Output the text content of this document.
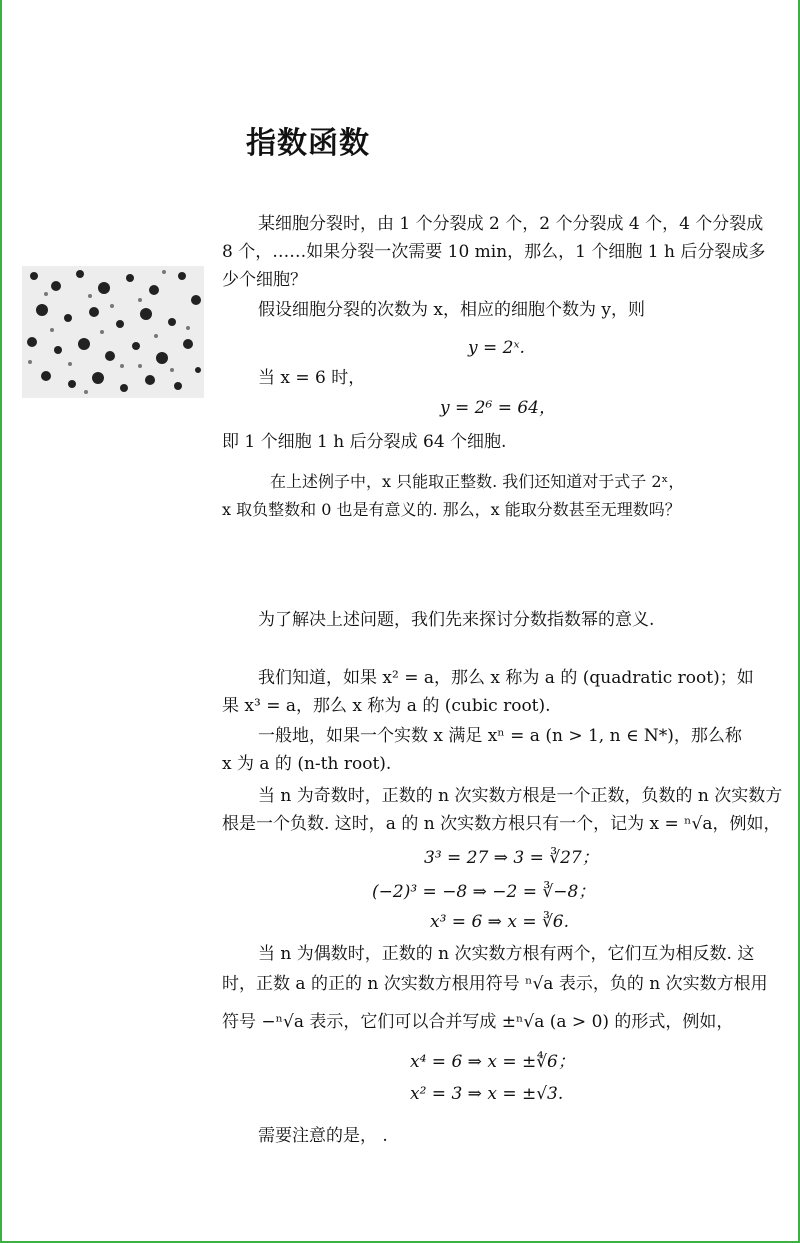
指数函数
某细胞分裂时，由 1 个分裂成 2 个，2 个分裂成 4 个，4 个分裂成
8 个，……如果分裂一次需要 10 min，那么，1 个细胞 1 h 后分裂成多
少个细胞？
假设细胞分裂的次数为 x，相应的细胞个数为 y，则
y = 2ˣ.
当 x = 6 时，
y = 2⁶ = 64，
即 1 个细胞 1 h 后分裂成 64 个细胞.
在上述例子中，x 只能取正整数. 我们还知道对于式子 2ˣ，
x 取负整数和 0 也是有意义的. 那么，x 能取分数甚至无理数吗？
为了解决上述问题，我们先来探讨分数指数幂的意义.
我们知道，如果 x² = a，那么 x 称为 a 的 (quadratic root)；如
果 x³ = a，那么 x 称为 a 的 (cubic root).
一般地，如果一个实数 x 满足 xⁿ = a (n > 1, n ∈ N*)，那么称
x 为 a 的 (n-th root).
当 n 为奇数时，正数的 n 次实数方根是一个正数，负数的 n 次实数方
根是一个负数. 这时，a 的 n 次实数方根只有一个，记为 x = ⁿ√a，例如，
3³ = 27 ⇒ 3 = ∛27；
(−2)³ = −8 ⇒ −2 = ∛−8；
x³ = 6 ⇒ x = ∛6.
当 n 为偶数时，正数的 n 次实数方根有两个，它们互为相反数. 这
时，正数 a 的正的 n 次实数方根用符号 ⁿ√a 表示，负的 n 次实数方根用
符号 −ⁿ√a 表示，它们可以合并写成 ±ⁿ√a (a > 0) 的形式，例如，
x⁴ = 6 ⇒ x = ±∜6；
x² = 3 ⇒ x = ±√3.
需要注意的是， .
